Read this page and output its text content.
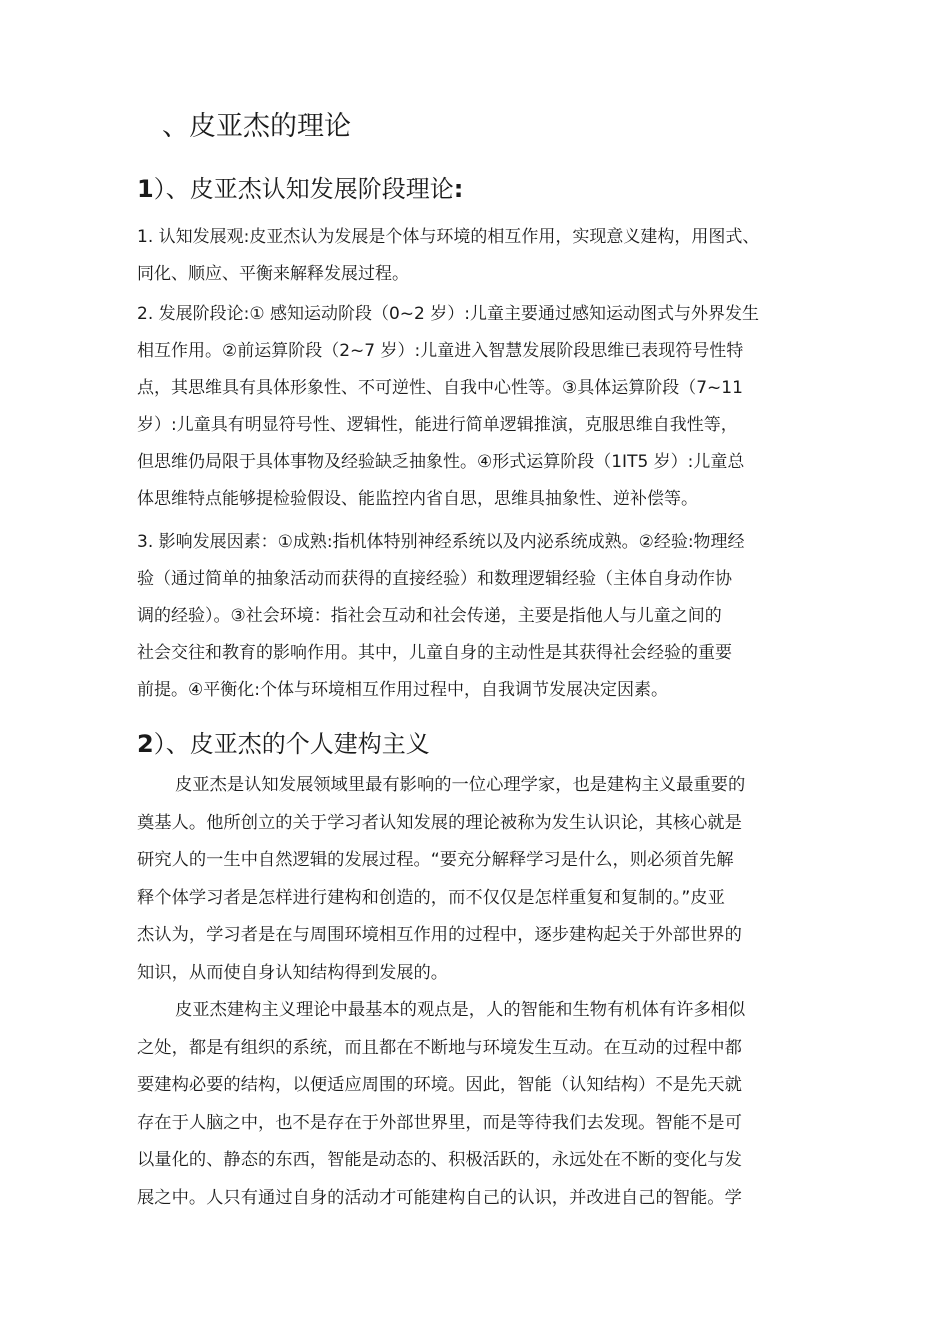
、皮亚杰的理论
1）、皮亚杰认知发展阶段理论:
1. 认知发展观:皮亚杰认为发展是个体与环境的相互作用，实现意义建构，用图式、
同化、顺应、平衡来解释发展过程。
2. 发展阶段论:① 感知运动阶段（0~2 岁）:儿童主要通过感知运动图式与外界发生
相互作用。②前运算阶段（2~7 岁）:儿童进入智慧发展阶段思维已表现符号性特
点，其思维具有具体形象性、不可逆性、自我中心性等。③具体运算阶段（7~11
岁）:儿童具有明显符号性、逻辑性，能进行简单逻辑推演，克服思维自我性等，
但思维仍局限于具体事物及经验缺乏抽象性。④形式运算阶段（1IT5 岁）:儿童总
体思维特点能够提检验假设、能监控内省自思，思维具抽象性、逆补偿等。
3. 影响发展因素：①成熟:指机体特别神经系统以及内泌系统成熟。②经验:物理经
验（通过简单的抽象活动而获得的直接经验）和数理逻辑经验（主体自身动作协
调的经验）。③社会环境：指社会互动和社会传递，主要是指他人与儿童之间的
社会交往和教育的影响作用。其中，儿童自身的主动性是其获得社会经验的重要
前提。④平衡化:个体与环境相互作用过程中，自我调节发展决定因素。
2）、皮亚杰的个人建构主义
皮亚杰是认知发展领域里最有影响的一位心理学家，也是建构主义最重要的
奠基人。他所创立的关于学习者认知发展的理论被称为发生认识论，其核心就是
研究人的一生中自然逻辑的发展过程。“要充分解释学习是什么，则必须首先解
释个体学习者是怎样进行建构和创造的，而不仅仅是怎样重复和复制的。”皮亚
杰认为，学习者是在与周围环境相互作用的过程中，逐步建构起关于外部世界的
知识，从而使自身认知结构得到发展的。
皮亚杰建构主义理论中最基本的观点是，人的智能和生物有机体有许多相似
之处，都是有组织的系统，而且都在不断地与环境发生互动。在互动的过程中都
要建构必要的结构，以便适应周围的环境。因此，智能（认知结构）不是先天就
存在于人脑之中，也不是存在于外部世界里，而是等待我们去发现。智能不是可
以量化的、静态的东西，智能是动态的、积极活跃的，永远处在不断的变化与发
展之中。人只有通过自身的活动才可能建构自己的认识，并改进自己的智能。学
